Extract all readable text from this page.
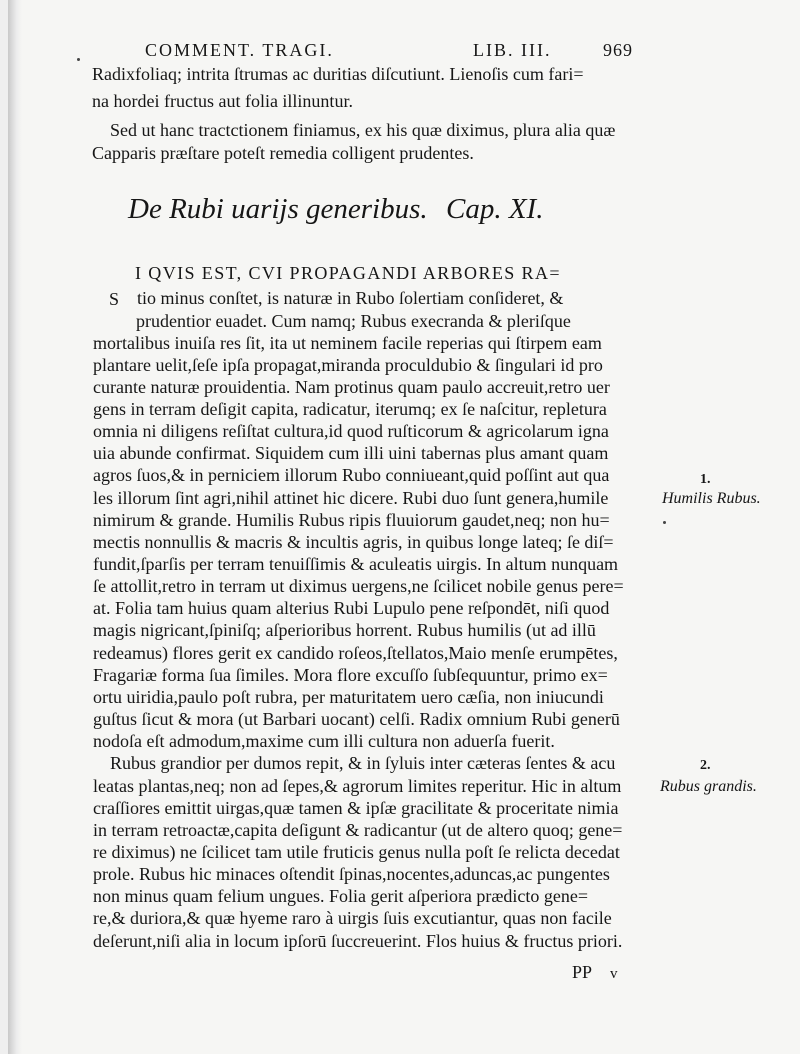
COMMENT. TRAGI.	LIB. III.	969
Radixfoliaq; intrita ſtrumas ac duritias diſcutiunt. Lienoſis cum fari=
na hordei fructus aut folia illinuntur.
Sed ut hanc tractctionem finiamus, ex his quæ diximus, plura alia quæ
Capparis præſtare poteſt remedia colligent prudentes.
De Rubi uarijs generibus. Cap. XI.
S
I QVIS EST, CVI PROPAGANDI ARBORES RA=
tio minus conſtet, is naturæ in Rubo ſolertiam conſideret, &
prudentior euadet. Cum namq; Rubus execranda & pleriſque
mortalibus inuiſa res ſit, ita ut neminem facile reperias qui ſtirpem eam
plantare uelit,ſeſe ipſa propagat,miranda proculdubio & ſingulari id pro
curante naturæ prouidentia. Nam protinus quam paulo accreuit,retro uer
gens in terram deſigit capita, radicatur, iterumq; ex ſe naſcitur, repletura
omnia ni diligens reſiſtat cultura,id quod ruſticorum & agricolarum igna
uia abunde confirmat. Siquidem cum illi uini tabernas plus amant quam
agros ſuos,& in perniciem illorum Rubo conniueant,quid poſſint aut qua
les illorum ſint agri,nihil attinet hic dicere. Rubi duo ſunt genera,humile
nimirum & grande. Humilis Rubus ripis fluuiorum gaudet,neq; non hu=
mectis nonnullis & macris & incultis agris, in quibus longe lateq; ſe diſ=
fundit,ſparſis per terram tenuiſſimis & aculeatis uirgis. In altum nunquam
ſe attollit,retro in terram ut diximus uergens,ne ſcilicet nobile genus pere=
at. Folia tam huius quam alterius Rubi Lupulo pene reſpondēt, niſi quod
magis nigricant,ſpiniſq; aſperioribus horrent. Rubus humilis (ut ad illū
redeamus) flores gerit ex candido roſeos,ſtellatos,Maio menſe erumpētes,
Fragariæ forma ſua ſimiles. Mora flore excuſſo ſubſequuntur, primo ex=
ortu uiridia,paulo poſt rubra, per maturitatem uero cæſia, non iniucundi
guſtus ſicut & mora (ut Barbari uocant) celſi. Radix omnium Rubi generū
nodoſa eſt admodum,maxime cum illi cultura non aduerſa fuerit.
Rubus grandior per dumos repit, & in ſyluis inter cæteras ſentes & acu
leatas plantas,neq; non ad ſepes,& agrorum limites reperitur. Hic in altum
craſſiores emittit uirgas,quæ tamen & ipſæ gracilitate & proceritate nimia
in terram retroactæ,capita deſigunt & radicantur (ut de altero quoq; gene=
re diximus) ne ſcilicet tam utile fruticis genus nulla poſt ſe relicta decedat
prole. Rubus hic minaces oſtendit ſpinas,nocentes,aduncas,ac pungentes
non minus quam felium ungues. Folia gerit aſperiora prædicto gene=
re,& duriora,& quæ hyeme raro à uirgis ſuis excutiantur, quas non facile
deſerunt,niſi alia in locum ipſorū ſuccreuerint. Flos huius & fructus priori.
1.
Humilis Rubus.
2.
Rubus grandis.
PP v
